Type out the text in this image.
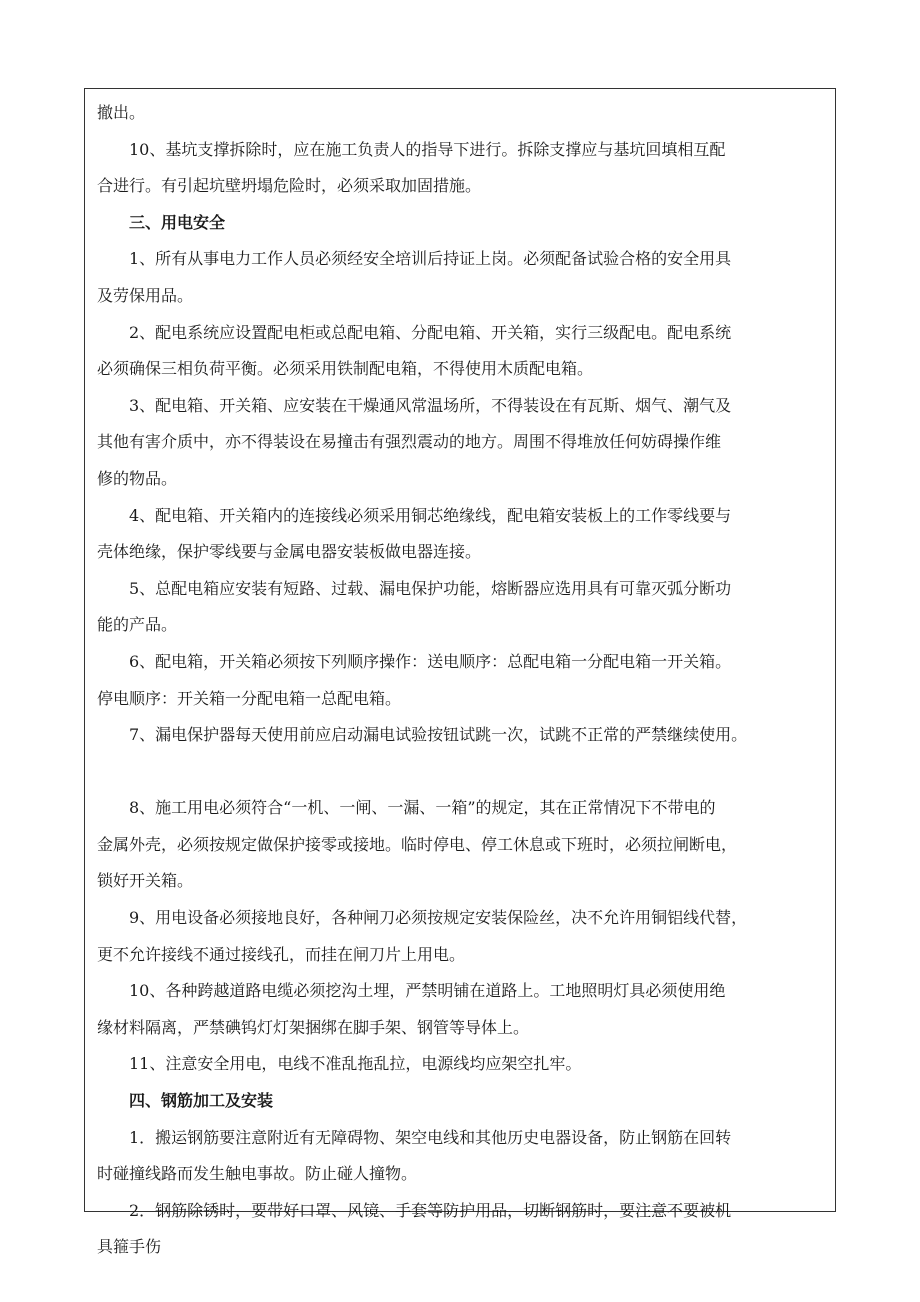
撤出。
10、基坑支撑拆除时，应在施工负责人的指导下进行。拆除支撑应与基坑回填相互配
合进行。有引起坑壁坍塌危险时，必须采取加固措施。
三、用电安全
1、所有从事电力工作人员必须经安全培训后持证上岗。必须配备试验合格的安全用具
及劳保用品。
2、配电系统应设置配电柜或总配电箱、分配电箱、开关箱，实行三级配电。配电系统
必须确保三相负荷平衡。必须采用铁制配电箱，不得使用木质配电箱。
3、配电箱、开关箱、应安装在干燥通风常温场所，不得装设在有瓦斯、烟气、潮气及
其他有害介质中，亦不得装设在易撞击有强烈震动的地方。周围不得堆放任何妨碍操作维
修的物品。
4、配电箱、开关箱内的连接线必须采用铜芯绝缘线，配电箱安装板上的工作零线要与
壳体绝缘，保护零线要与金属电器安装板做电器连接。
5、总配电箱应安装有短路、过载、漏电保护功能，熔断器应选用具有可靠灭弧分断功
能的产品。
6、配电箱，开关箱必须按下列顺序操作：送电顺序：总配电箱一分配电箱一开关箱。
停电顺序：开关箱一分配电箱一总配电箱。
7、漏电保护器每天使用前应启动漏电试验按钮试跳一次，试跳不正常的严禁继续使用。
8、施工用电必须符合“一机、一闸、一漏、一箱”的规定，其在正常情况下不带电的
金属外壳，必须按规定做保护接零或接地。临时停电、停工休息或下班时，必须拉闸断电，
锁好开关箱。
9、用电设备必须接地良好，各种闸刀必须按规定安装保险丝，决不允许用铜铝线代替，
更不允许接线不通过接线孔，而挂在闸刀片上用电。
10、各种跨越道路电缆必须挖沟土埋，严禁明铺在道路上。工地照明灯具必须使用绝
缘材料隔离，严禁碘钨灯灯架捆绑在脚手架、钢管等导体上。
11、注意安全用电，电线不准乱拖乱拉，电源线均应架空扎牢。
四、钢筋加工及安装
1．搬运钢筋要注意附近有无障碍物、架空电线和其他历史电器设备，防止钢筋在回转
时碰撞线路而发生触电事故。防止碰人撞物。
2．钢筋除锈时，要带好口罩、风镜、手套等防护用品，切断钢筋时，要注意不要被机
具箍手伤
